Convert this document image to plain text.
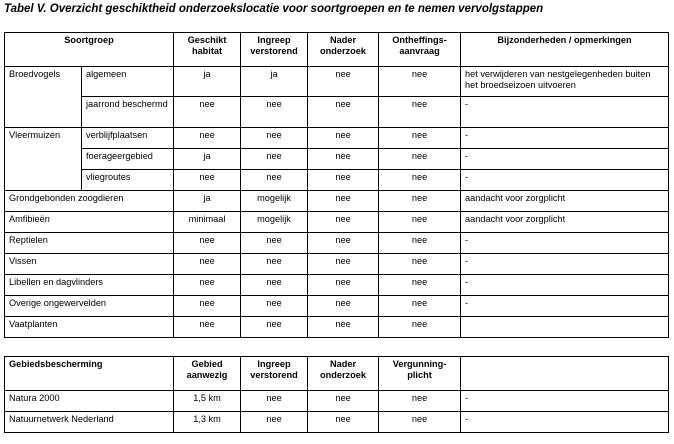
Tabel V. Overzicht geschiktheid onderzoekslocatie voor soortgroepen en te nemen vervolgstappen
Soortgroep		Geschikt habitat	Ingreep verstorend	Nader onderzoek	Ontheffings-aanvraag	Bijzonderheden / opmerkingen
Broedvogels	algemeen	ja	ja	nee	nee	het verwijderen van nestgelegenheden buiten het broedseizoen uitvoeren
	jaarrond beschermd	nee	nee	nee	nee	-
Vleermuizen	verblijfplaatsen	nee	nee	nee	nee	-
	foerageergebied	ja	nee	nee	nee	-
	vliegroutes	nee	nee	nee	nee	-
Grondgebonden zoogdieren		ja	mogelijk	nee	nee	aandacht voor zorgplicht
Amfibieën		minimaal	mogelijk	nee	nee	aandacht voor zorgplicht
Reptielen		nee	nee	nee	nee	-
Vissen		nee	nee	nee	nee	-
Libellen en dagvlinders		nee	nee	nee	nee	-
Overige ongewervelden		nee	nee	nee	nee	-
Vaatplanten		nee	nee	nee	nee	

Gebiedsbescherming		Gebied aanwezig	Ingreep verstorend	Nader onderzoek	Vergunning-plicht	
Natura 2000		1,5 km	nee	nee	nee	-
Natuurnetwerk Nederland		1,3 km	nee	nee	nee	-
